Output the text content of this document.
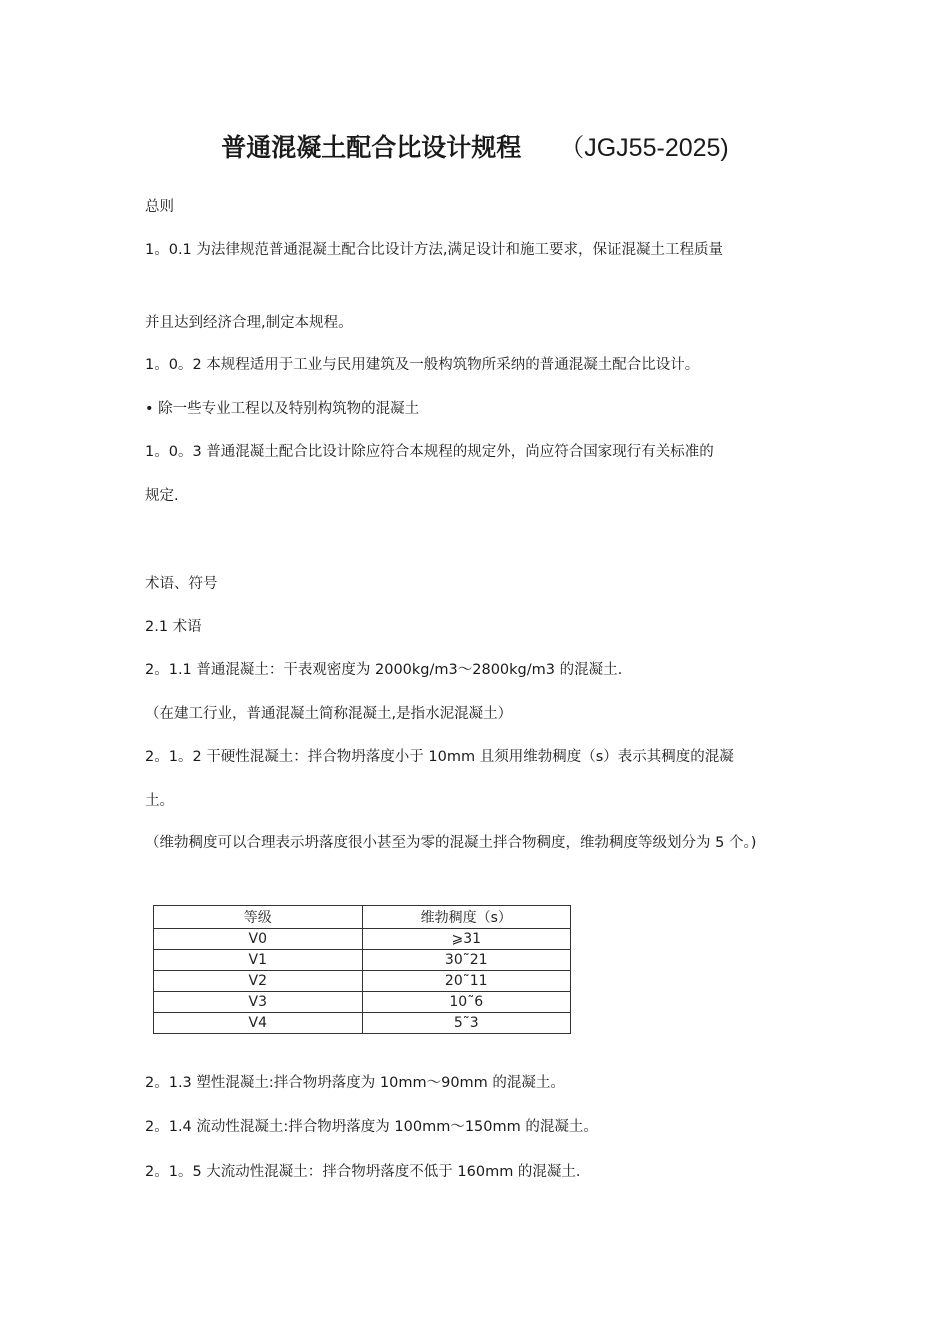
普通混凝土配合比设计规程 （JGJ55-2025)
总则
1。0.1 为法律规范普通混凝土配合比设计方法,满足设计和施工要求，保证混凝土工程质量
并且达到经济合理,制定本规程。
1。0。2 本规程适用于工业与民用建筑及一般构筑物所采纳的普通混凝土配合比设计。
• 除一些专业工程以及特别构筑物的混凝土
1。0。3 普通混凝土配合比设计除应符合本规程的规定外，尚应符合国家现行有关标准的
规定.
术语、符号
2.1 术语
2。1.1 普通混凝土：干表观密度为 2000kg/m3～2800kg/m3 的混凝土.
（在建工行业，普通混凝土简称混凝土,是指水泥混凝土）
2。1。2 干硬性混凝土：拌合物坍落度小于 10mm 且须用维勃稠度（s）表示其稠度的混凝
土。
（维勃稠度可以合理表示坍落度很小甚至为零的混凝土拌合物稠度，维勃稠度等级划分为 5 个。)
等级	维勃稠度（s）
V0	⩾31
V1	30˜21
V2	20˜11
V3	10˜6
V4	5˜3
2。1.3 塑性混凝土:拌合物坍落度为 10mm～90mm 的混凝土。
2。1.4 流动性混凝土:拌合物坍落度为 100mm～150mm 的混凝土。
2。1。5 大流动性混凝土：拌合物坍落度不低于 160mm 的混凝土.
